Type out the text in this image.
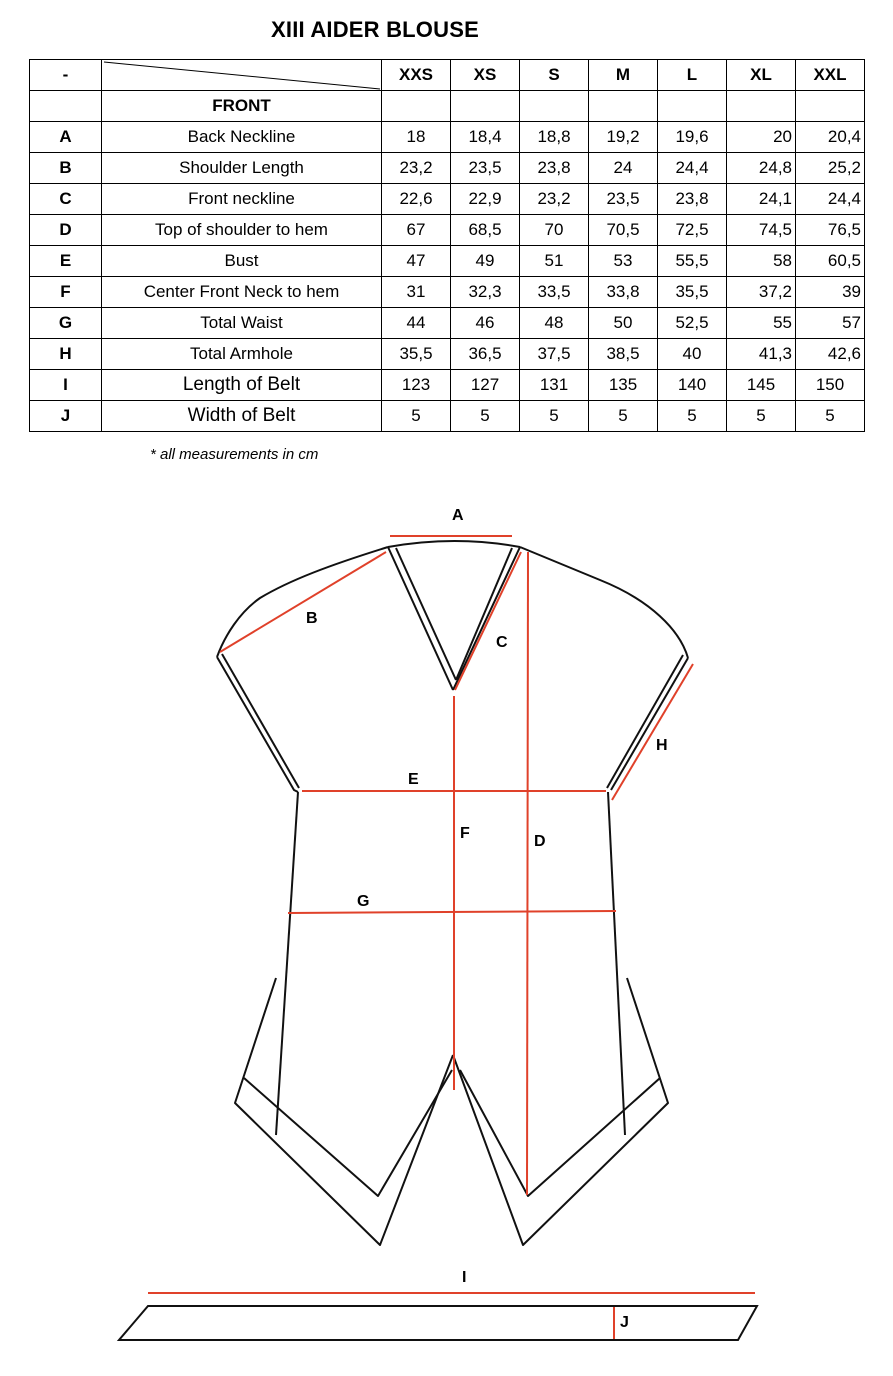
XIII AIDER BLOUSE
-		XXS	XS	S	M	L	XL	XXL
	FRONT							
A	Back Neckline	18	18,4	18,8	19,2	19,6	20	20,4
B	Shoulder Length	23,2	23,5	23,8	24	24,4	24,8	25,2
C	Front neckline	22,6	22,9	23,2	23,5	23,8	24,1	24,4
D	Top of shoulder to hem	67	68,5	70	70,5	72,5	74,5	76,5
E	Bust	47	49	51	53	55,5	58	60,5
F	Center Front Neck to hem	31	32,3	33,5	33,8	35,5	37,2	39
G	Total Waist	44	46	48	50	52,5	55	57
H	Total Armhole	35,5	36,5	37,5	38,5	40	41,3	42,6
I	Length of Belt	123	127	131	135	140	145	150
J	Width of Belt	5	5	5	5	5	5	5
* all measurements in cm
A
B
C
D
E
F
G
H
I
J
